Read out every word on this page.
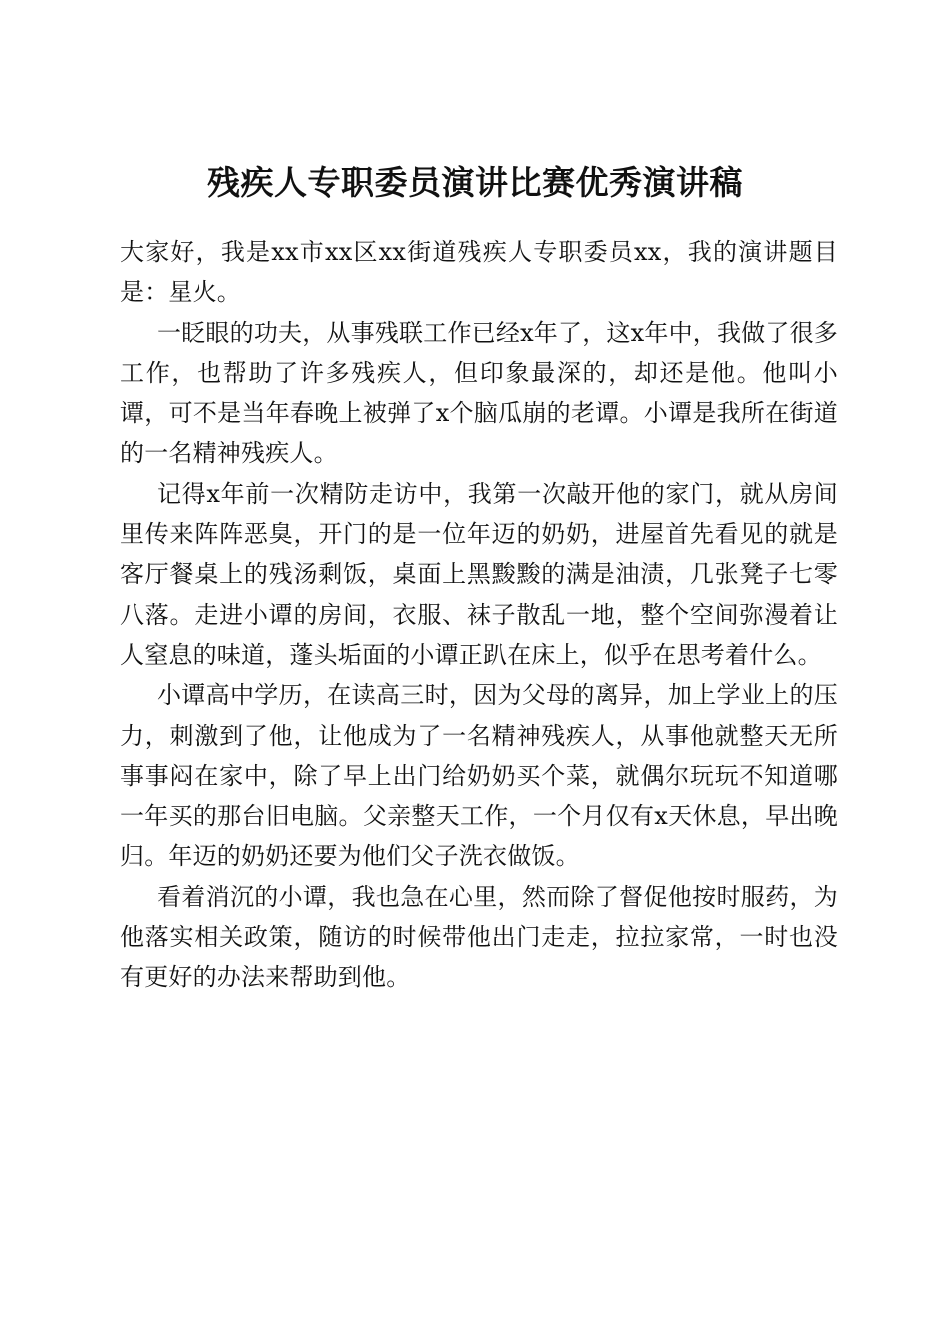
残疾人专职委员演讲比赛优秀演讲稿

大家好，我是xx市xx区xx街道残疾人专职委员xx，我的演讲题目是：星火。

一眨眼的功夫，从事残联工作已经x年了，这x年中，我做了很多工作，也帮助了许多残疾人，但印象最深的，却还是他。他叫小谭，可不是当年春晚上被弹了x个脑瓜崩的老谭。小谭是我所在街道的一名精神残疾人。

记得x年前一次精防走访中，我第一次敲开他的家门，就从房间里传来阵阵恶臭，开门的是一位年迈的奶奶，进屋首先看见的就是客厅餐桌上的残汤剩饭，桌面上黑黢黢的满是油渍，几张凳子七零八落。走进小谭的房间，衣服、袜子散乱一地，整个空间弥漫着让人窒息的味道，蓬头垢面的小谭正趴在床上，似乎在思考着什么。

小谭高中学历，在读高三时，因为父母的离异，加上学业上的压力，刺激到了他，让他成为了一名精神残疾人，从事他就整天无所事事闷在家中，除了早上出门给奶奶买个菜，就偶尔玩玩不知道哪一年买的那台旧电脑。父亲整天工作，一个月仅有x天休息，早出晚归。年迈的奶奶还要为他们父子洗衣做饭。

看着消沉的小谭，我也急在心里，然而除了督促他按时服药，为他落实相关政策，随访的时候带他出门走走，拉拉家常，一时也没有更好的办法来帮助到他。
